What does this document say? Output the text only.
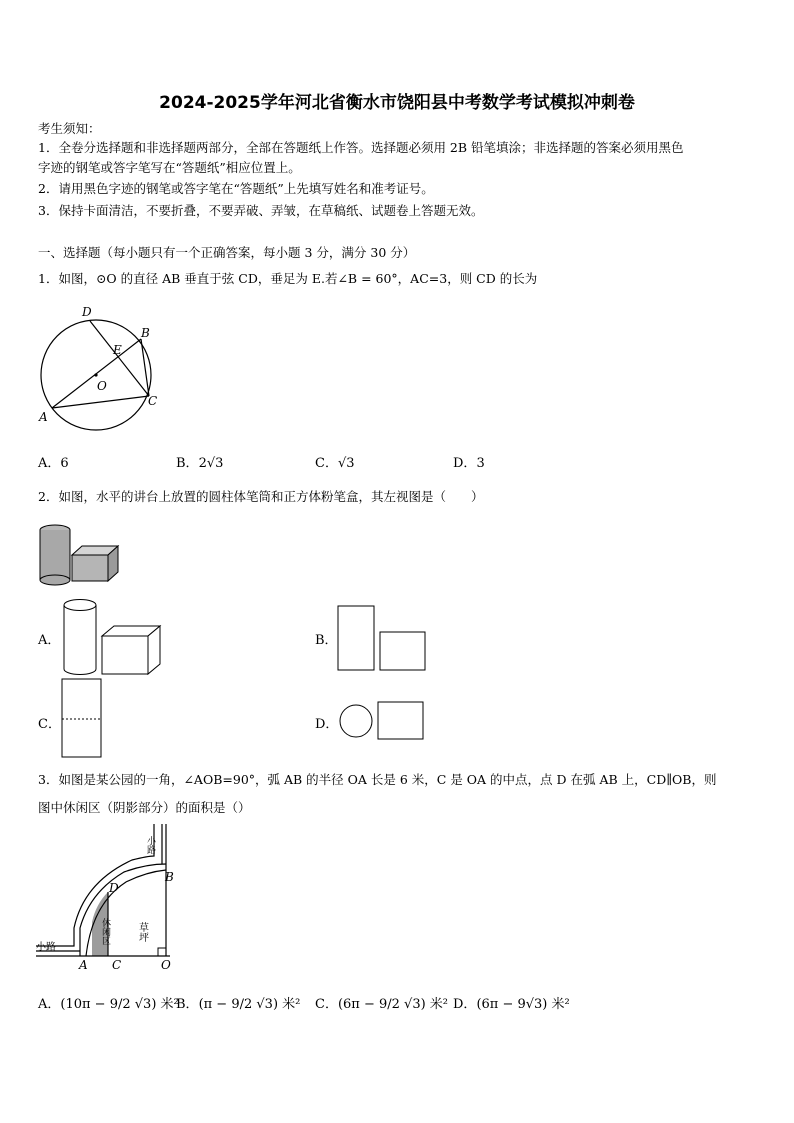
2024-2025学年河北省衡水市饶阳县中考数学考试模拟冲刺卷
考生须知：
1．全卷分选择题和非选择题两部分，全部在答题纸上作答。选择题必须用 2B 铅笔填涂；非选择题的答案必须用黑色
字迹的钢笔或答字笔写在“答题纸”相应位置上。
2．请用黑色字迹的钢笔或答字笔在“答题纸”上先填写姓名和准考证号。
3．保持卡面清洁，不要折叠，不要弄破、弄皱，在草稿纸、试题卷上答题无效。
一、选择题（每小题只有一个正确答案，每小题 3 分，满分 30 分）
1．如图，⊙O 的直径 AB 垂直于弦 CD，垂足为 E.若∠B = 60°，AC=3，则 CD 的长为
D
B
E
O
A
C
A．6	B．2√3	C．√3	D．3
2．如图，水平的讲台上放置的圆柱体笔筒和正方体粉笔盒，其左视图是（　　）
A．	B．
C．	D．
3．如图是某公园的一角，∠AOB=90°，弧 AB 的半径 OA 长是 6 米，C 是 OA 的中点，点 D 在弧 AB 上，CD∥OB，则
图中休闲区（阴影部分）的面积是（）
小路
小路
休闲区	草坪
D
B
A C	O
A．(10π − 9/2 √3) 米²
B．(π − 9/2 √3) 米² C．(6π − 9/2 √3) 米² D．(6π − 9√3) 米²
